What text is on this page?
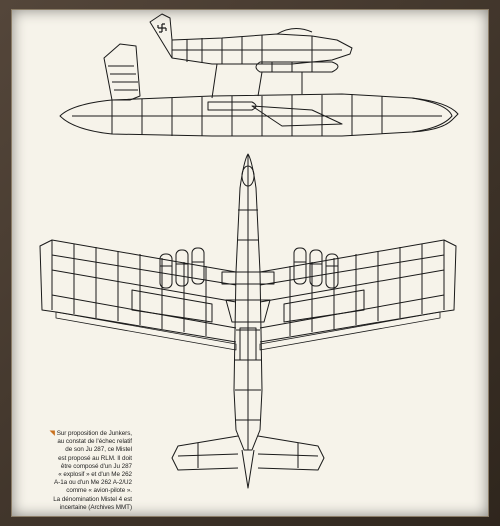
◥ Sur proposition de Junkers,
au constat de l'échec relatif
de son Ju 287, ce Mistel
est proposé au RLM. Il doit
être composé d'un Ju 287
« explosif » et d'un Me 262
A-1a ou d'un Me 262 A-2/U2
comme « avion-pilote ».
La dénomination Mistel 4 est
incertaine (Archives MMT)
